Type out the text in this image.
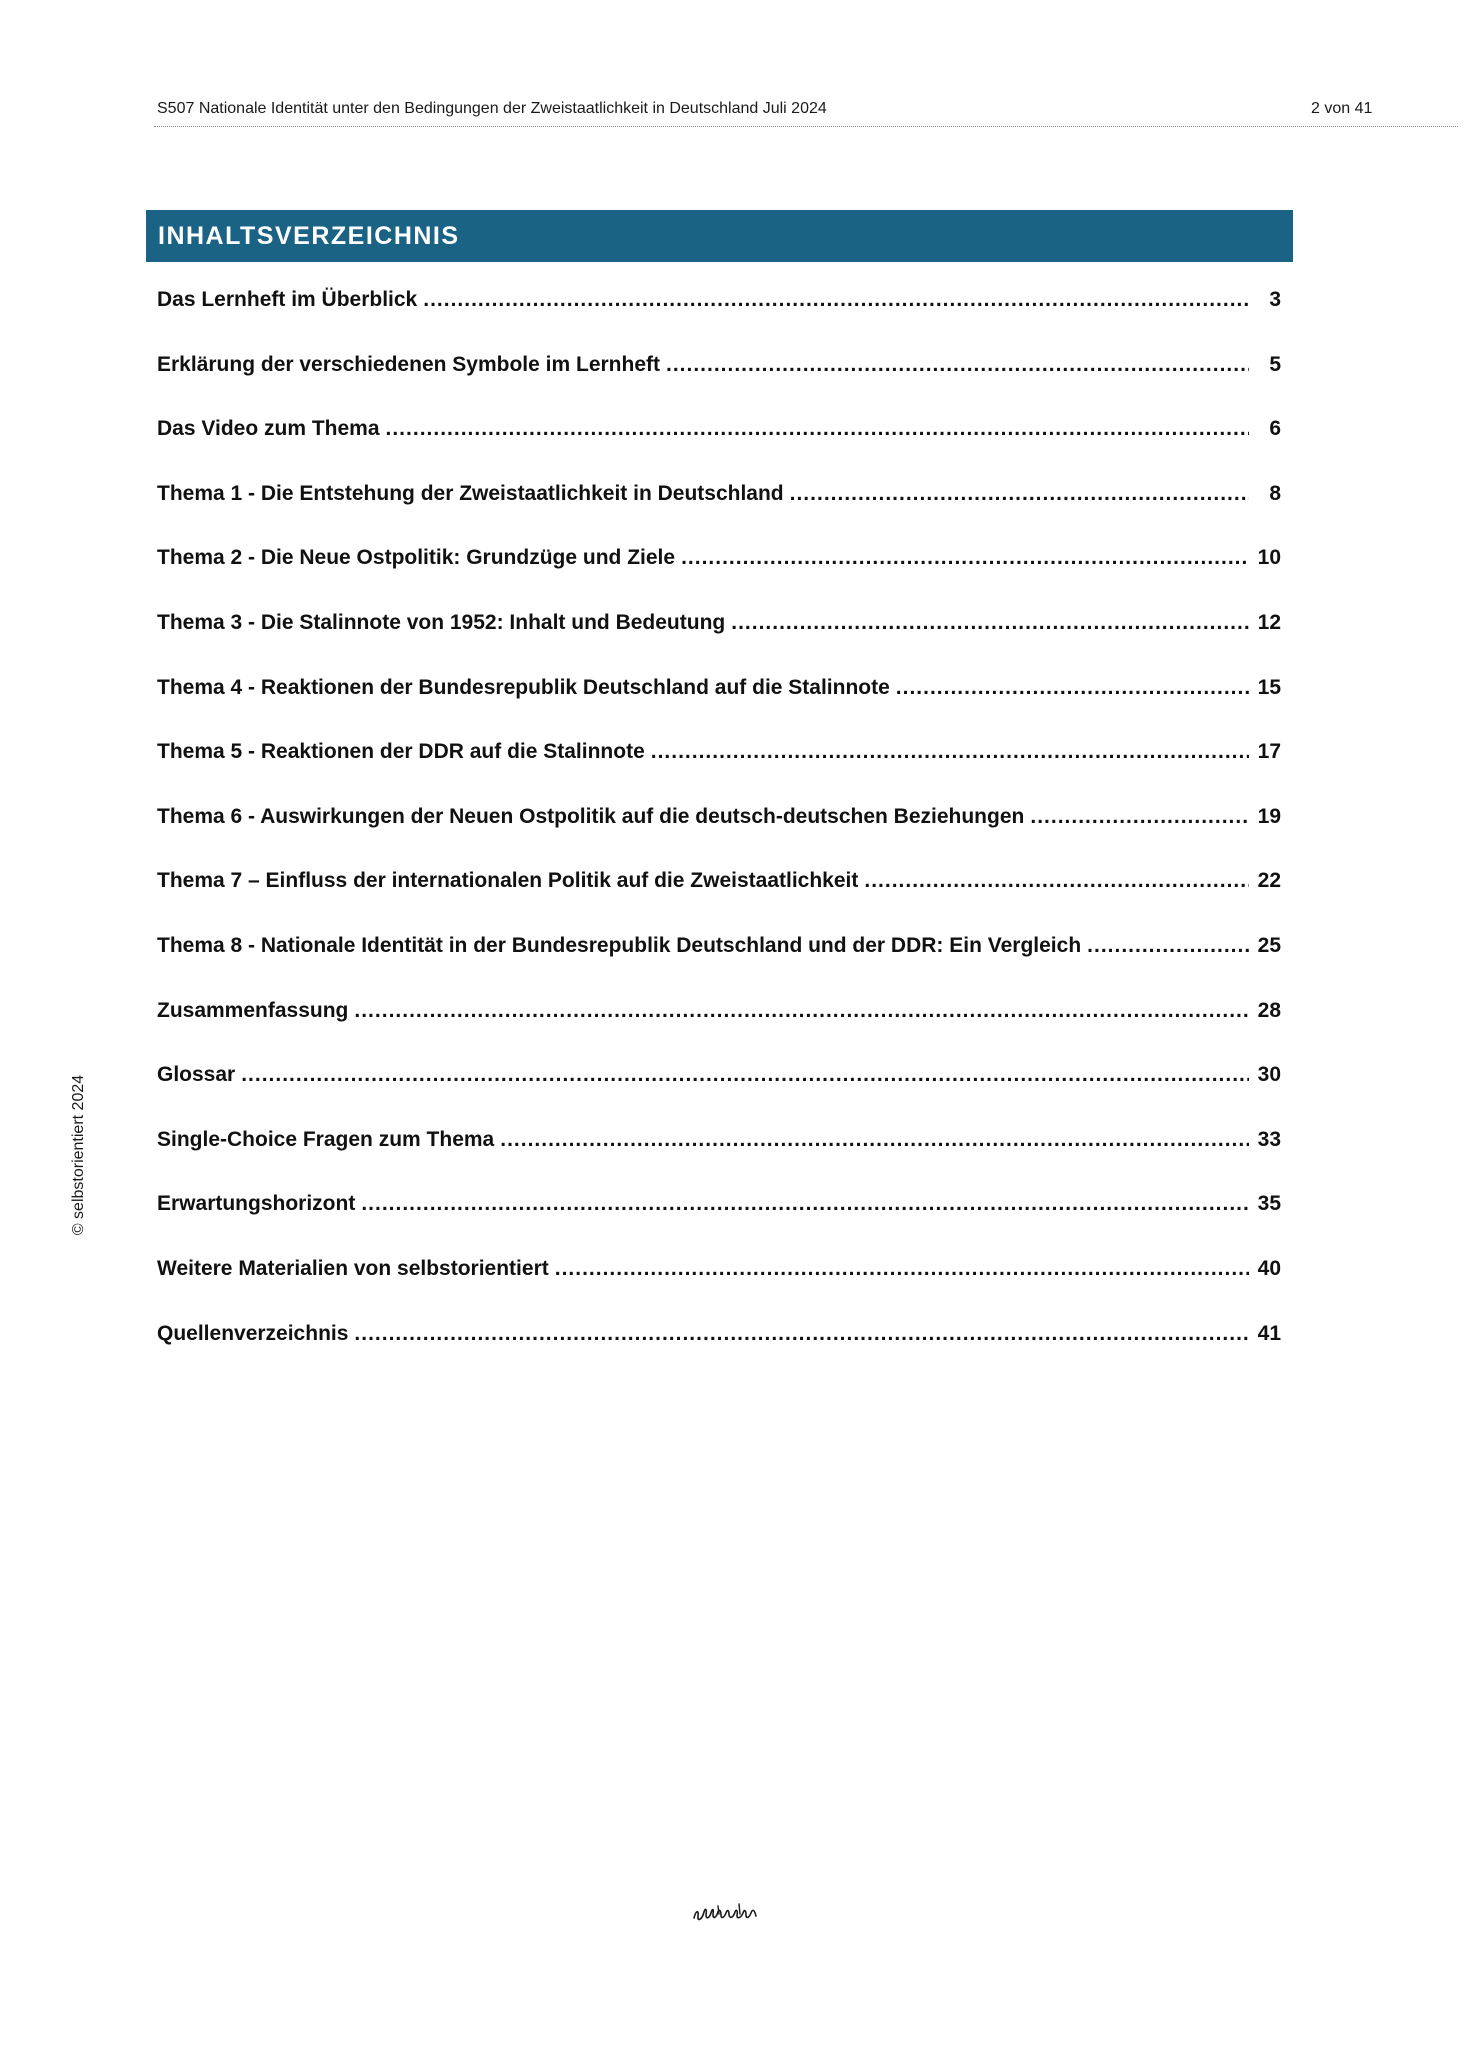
S507 Nationale Identität unter den Bedingungen der Zweistaatlichkeit in Deutschland Juli 2024	2 von 41
INHALTSVERZEICHNIS
Das Lernheft im Überblick .....	3
Erklärung der verschiedenen Symbole im Lernheft .....	5
Das Video zum Thema .....	6
Thema 1 - Die Entstehung der Zweistaatlichkeit in Deutschland .....	8
Thema 2 - Die Neue Ostpolitik: Grundzüge und Ziele .....	10
Thema 3 - Die Stalinnote von 1952: Inhalt und Bedeutung .....	12
Thema 4 - Reaktionen der Bundesrepublik Deutschland auf die Stalinnote .....	15
Thema 5 - Reaktionen der DDR auf die Stalinnote .....	17
Thema 6 - Auswirkungen der Neuen Ostpolitik auf die deutsch-deutschen Beziehungen .....	19
Thema 7 – Einfluss der internationalen Politik auf die Zweistaatlichkeit .....	22
Thema 8 - Nationale Identität in der Bundesrepublik Deutschland und der DDR: Ein Vergleich .....	25
Zusammenfassung .....	28
Glossar .....	30
Single-Choice Fragen zum Thema .....	33
Erwartungshorizont .....	35
Weitere Materialien von selbstorientiert .....	40
Quellenverzeichnis .....	41
© selbstorientiert 2024
